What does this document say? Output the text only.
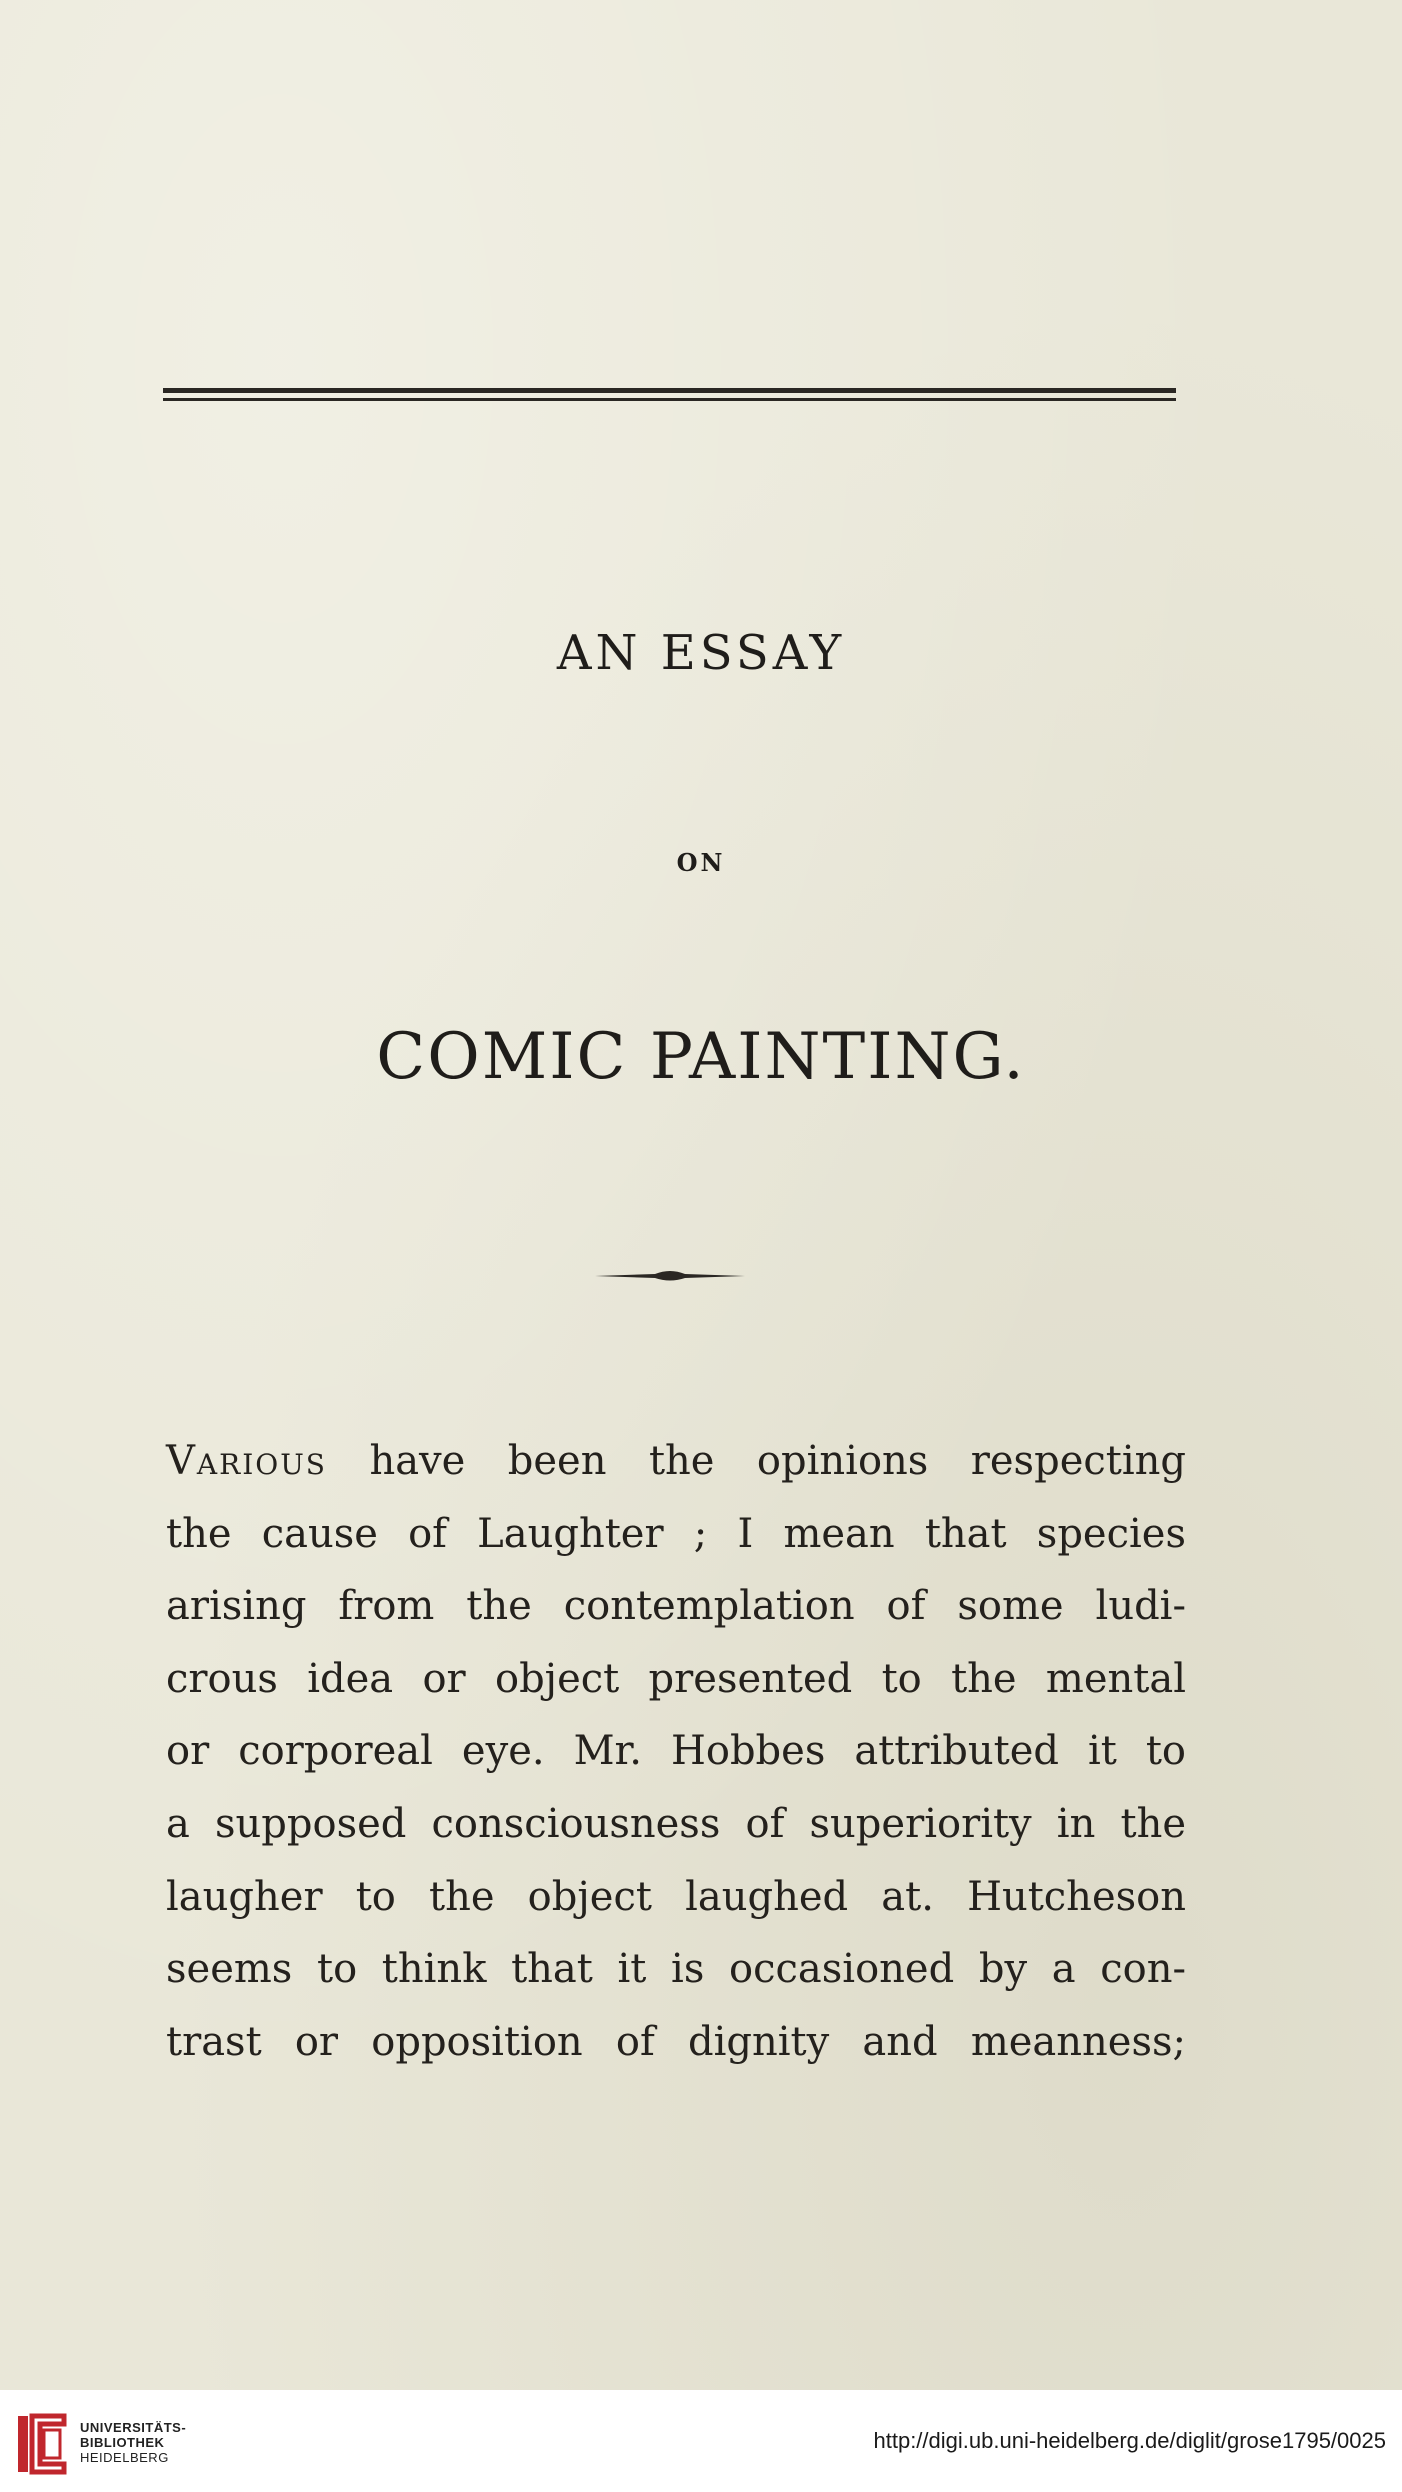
AN ESSAY
ON
COMIC PAINTING.
Various have been the opinions respecting
the cause of Laughter ; I mean that species
arising from the contemplation of some ludi-
crous idea or object presented to the mental
or corporeal eye. Mr. Hobbes attributed it to
a supposed consciousness of superiority in the
laugher to the object laughed at. Hutcheson
seems to think that it is occasioned by a con-
trast or opposition of dignity and meanness;
UNIVERSITÄTS-
BIBLIOTHEK
HEIDELBERG
http://digi.ub.uni-heidelberg.de/diglit/grose1795/0025
